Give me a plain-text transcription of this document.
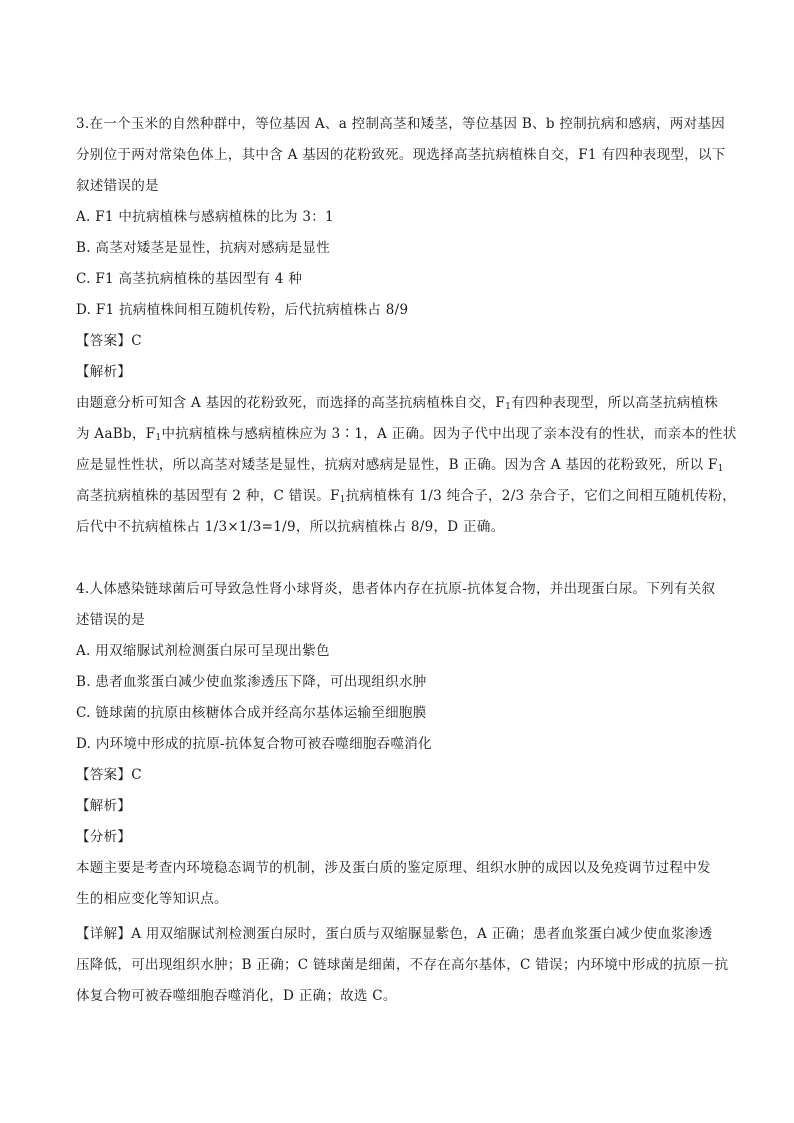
3.在一个玉米的自然种群中，等位基因 A、a 控制高茎和矮茎，等位基因 B、b 控制抗病和感病，两对基因
分别位于两对常染色体上，其中含 A 基因的花粉致死。现选择高茎抗病植株自交，F1 有四种表现型，以下
叙述错误的是
A. F1 中抗病植株与感病植株的比为 3：1
B. 高茎对矮茎是显性，抗病对感病是显性
C. F1 高茎抗病植株的基因型有 4 种
D. F1 抗病植株间相互随机传粉，后代抗病植株占 8/9
【答案】C
【解析】
由题意分析可知含 A 基因的花粉致死，而选择的高茎抗病植株自交，$F_1$有四种表现型，所以高茎抗病植株
为 AaBb，$F_1$中抗病植株与感病植株应为 3∶1，A 正确。因为子代中出现了亲本没有的性状，而亲本的性状
应是显性性状，所以高茎对矮茎是显性，抗病对感病是显性，B 正确。因为含 A 基因的花粉致死，所以 $F_1$
高茎抗病植株的基因型有 2 种，C 错误。$F_1$抗病植株有 1/3 纯合子，2/3 杂合子，它们之间相互随机传粉，
后代中不抗病植株占 1/3×1/3=1/9，所以抗病植株占 8/9，D 正确。
4.人体感染链球菌后可导致急性肾小球肾炎，患者体内存在抗原-抗体复合物，并出现蛋白尿。下列有关叙
述错误的是
A. 用双缩脲试剂检测蛋白尿可呈现出紫色
B. 患者血浆蛋白减少使血浆渗透压下降，可出现组织水肿
C. 链球菌的抗原由核糖体合成并经高尔基体运输至细胞膜
D. 内环境中形成的抗原-抗体复合物可被吞噬细胞吞噬消化
【答案】C
【解析】
【分析】
本题主要是考查内环境稳态调节的机制，涉及蛋白质的鉴定原理、组织水肿的成因以及免疫调节过程中发
生的相应变化等知识点。
【详解】A 用双缩脲试剂检测蛋白尿时，蛋白质与双缩脲显紫色，A 正确；患者血浆蛋白减少使血浆渗透
压降低，可出现组织水肿；B 正确；C 链球菌是细菌，不存在高尔基体，C 错误；内环境中形成的抗原－抗
体复合物可被吞噬细胞吞噬消化，D 正确；故选 C。
